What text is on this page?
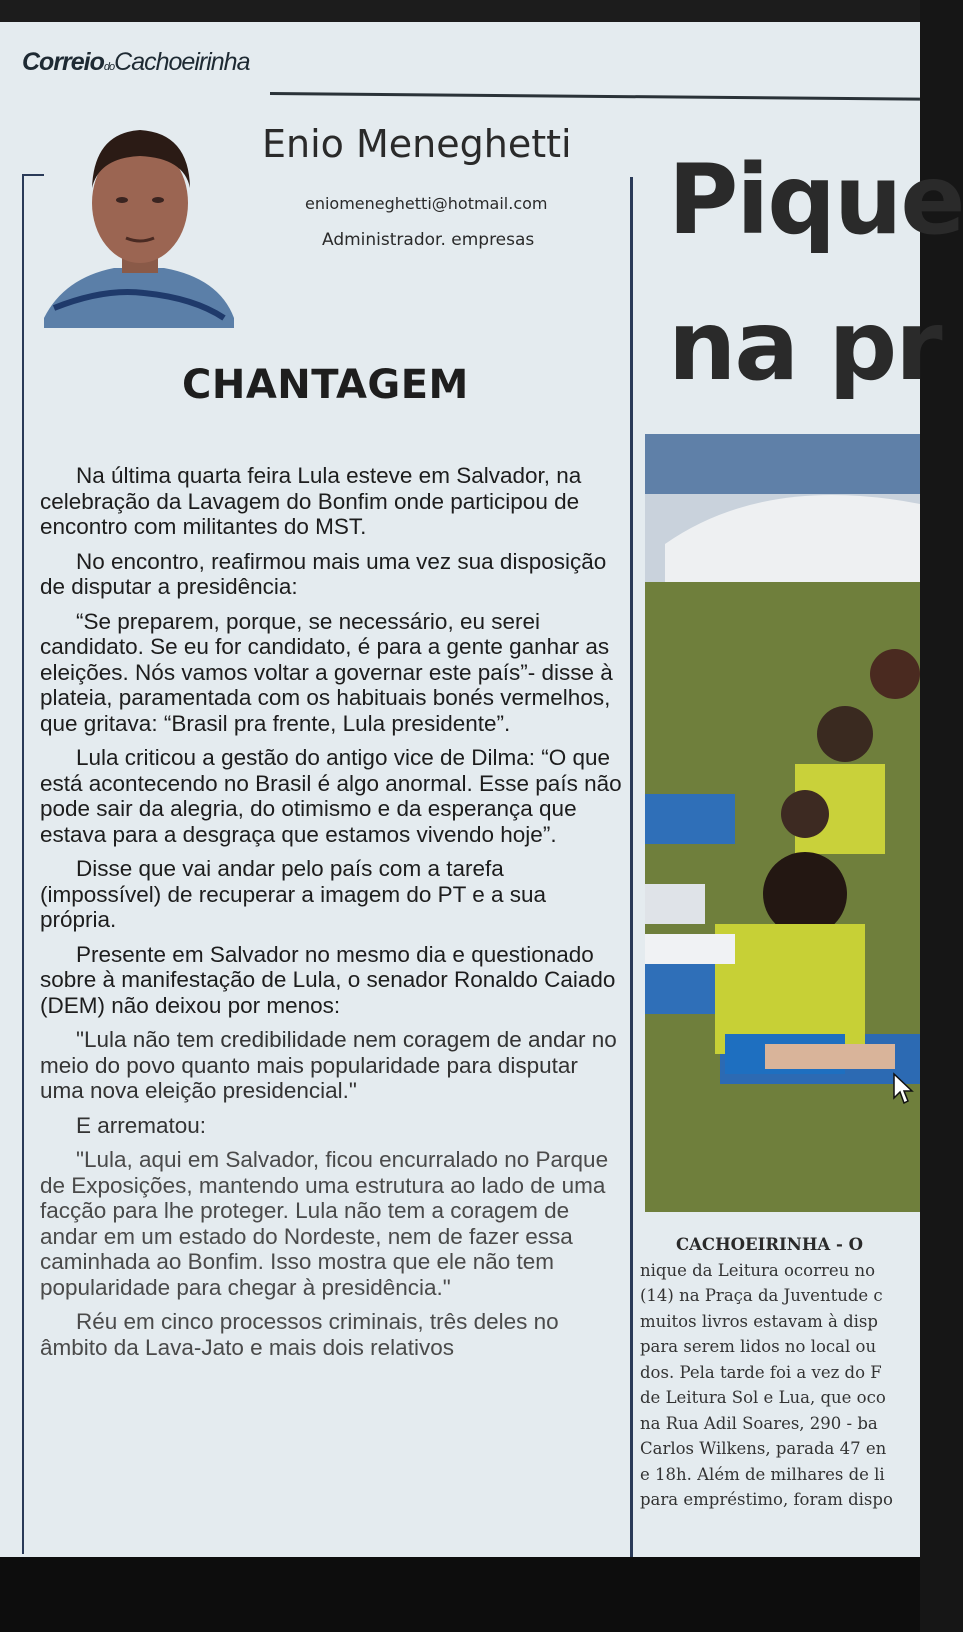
CorreiodoCachoeirinha
Enio Meneghetti
eniomeneghetti@hotmail.com
Administrador. empresas
CHANTAGEM

Na última quarta feira Lula esteve em Salvador, na celebração da Lavagem do Bonfim onde participou de encontro com militantes do MST.

No encontro, reafirmou mais uma vez sua disposição de disputar a presidência:

“Se preparem, porque, se necessário, eu serei candidato. Se eu for candidato, é para a gente ganhar as eleições. Nós vamos voltar a governar este país”- disse à plateia, paramentada com os habituais bonés vermelhos, que gritava: “Brasil pra frente, Lula presidente”.

Lula criticou a gestão do antigo vice de Dilma: “O que está acontecendo no Brasil é algo anormal. Esse país não pode sair da alegria, do otimismo e da esperança que estava para a desgraça que estamos vivendo hoje”.

Disse que vai andar pelo país com a tarefa (impossível) de recuperar a imagem do PT e a sua própria.

Presente em Salvador no mesmo dia e questionado sobre à manifestação de Lula, o senador Ronaldo Caiado (DEM) não deixou por menos:

"Lula não tem credibilidade nem coragem de andar no meio do povo quanto mais popularidade para disputar uma nova eleição presidencial."

E arrematou:

"Lula, aqui em Salvador, ficou encurralado no Parque de Exposições, mantendo uma estrutura ao lado de uma facção para lhe proteger. Lula não tem a coragem de andar em um estado do Nordeste, nem de fazer essa caminhada ao Bonfim. Isso mostra que ele não tem popularidade para chegar à presidência."

Réu em cinco processos criminais, três deles no âmbito da Lava-Jato e mais dois relativos

Pique
na pr
CACHOEIRINHA - O
nique da Leitura ocorreu no
(14) na Praça da Juventude c
muitos livros estavam à disp
para serem lidos no local ou
dos. Pela tarde foi a vez do F
de Leitura Sol e Lua, que oco
na Rua Adil Soares, 290 - ba
Carlos Wilkens, parada 47 en
e 18h. Além de milhares de li
para empréstimo, foram dispo
